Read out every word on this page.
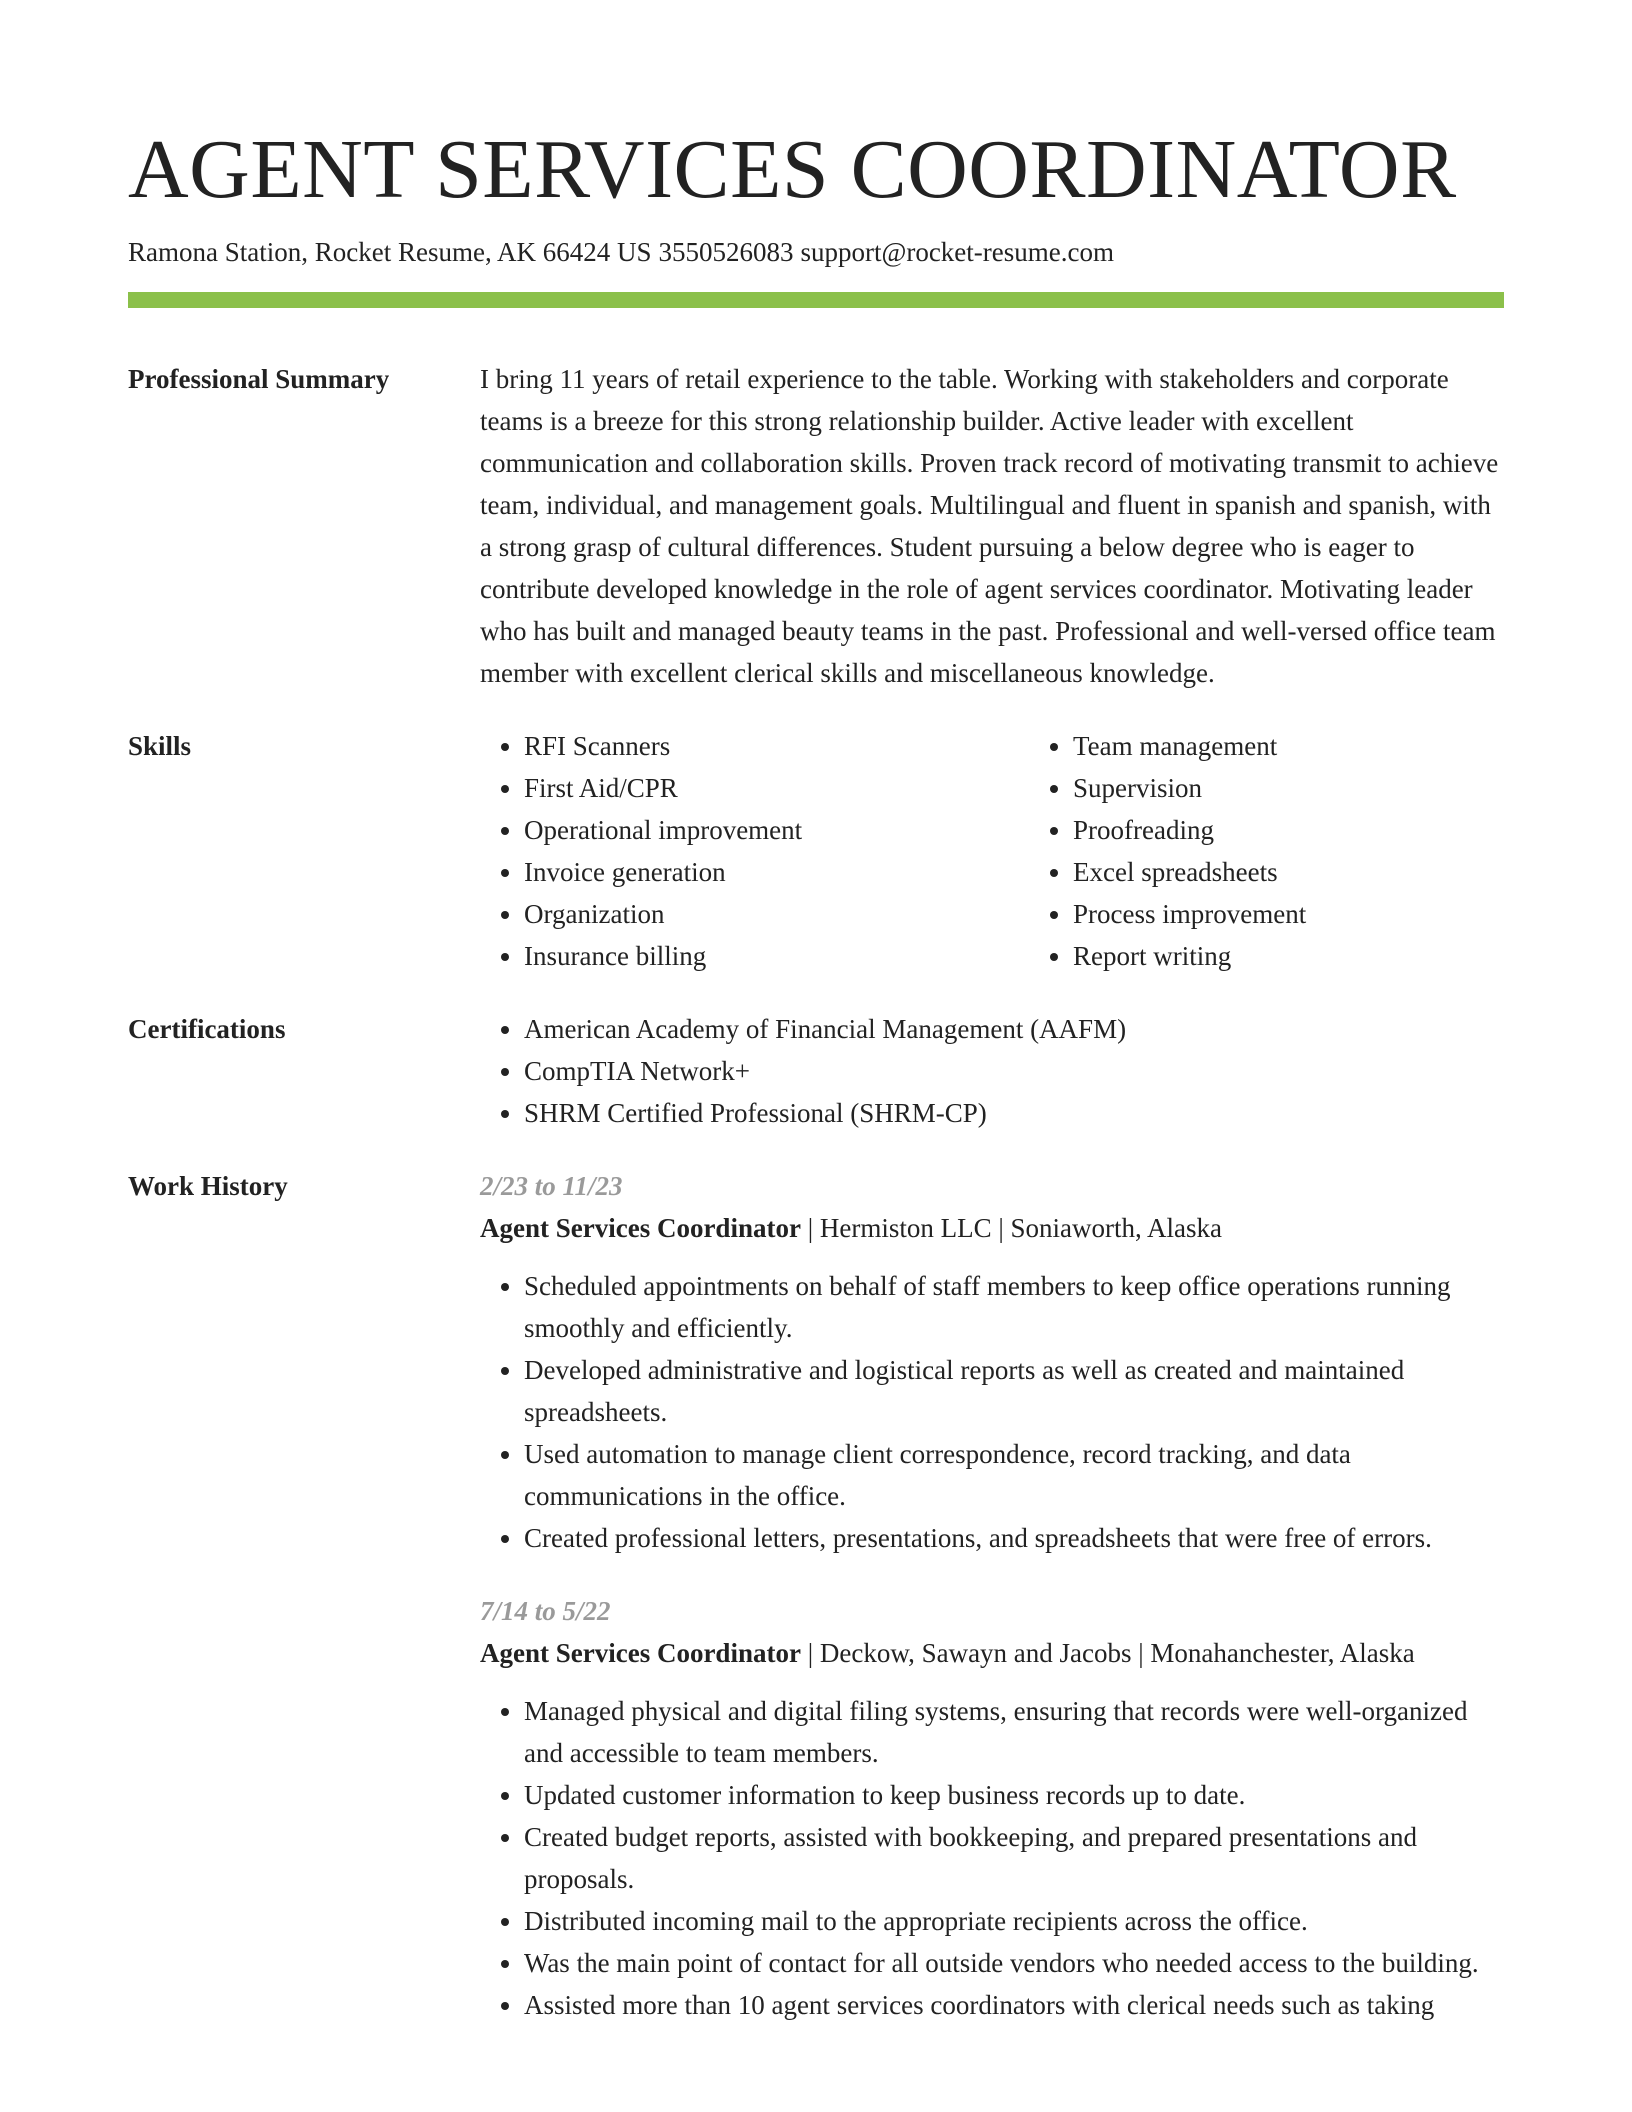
AGENT SERVICES COORDINATOR
Ramona Station, Rocket Resume, AK 66424 US 3550526083 support@rocket-resume.com
Professional Summary	I bring 11 years of retail experience to the table. Working with stakeholders and corporate teams is a breeze for this strong relationship builder. Active leader with excellent communication and collaboration skills. Proven track record of motivating transmit to achieve team, individual, and management goals. Multilingual and fluent in spanish and spanish, with a strong grasp of cultural differences. Student pursuing a below degree who is eager to contribute developed knowledge in the role of agent services coordinator. Motivating leader who has built and managed beauty teams in the past. Professional and well-versed office team member with excellent clerical skills and miscellaneous knowledge.

Skills	• RFI Scanners
• First Aid/CPR
• Operational improvement
• Invoice generation
• Organization
• Insurance billing
• Team management
• Supervision
• Proofreading
• Excel spreadsheets
• Process improvement
• Report writing
Certifications	• American Academy of Financial Management (AAFM)
• CompTIA Network+
• SHRM Certified Professional (SHRM-CP)
Work History	2/23 to 11/23
Agent Services Coordinator | Hermiston LLC | Soniaworth, Alaska
• Scheduled appointments on behalf of staff members to keep office operations running smoothly and efficiently.
• Developed administrative and logistical reports as well as created and maintained spreadsheets.
• Used automation to manage client correspondence, record tracking, and data communications in the office.
• Created professional letters, presentations, and spreadsheets that were free of errors.
7/14 to 5/22
Agent Services Coordinator | Deckow, Sawayn and Jacobs | Monahanchester, Alaska
• Managed physical and digital filing systems, ensuring that records were well-organized and accessible to team members.
• Updated customer information to keep business records up to date.
• Created budget reports, assisted with bookkeeping, and prepared presentations and proposals.
• Distributed incoming mail to the appropriate recipients across the office.
• Was the main point of contact for all outside vendors who needed access to the building.
• Assisted more than 10 agent services coordinators with clerical needs such as taking
